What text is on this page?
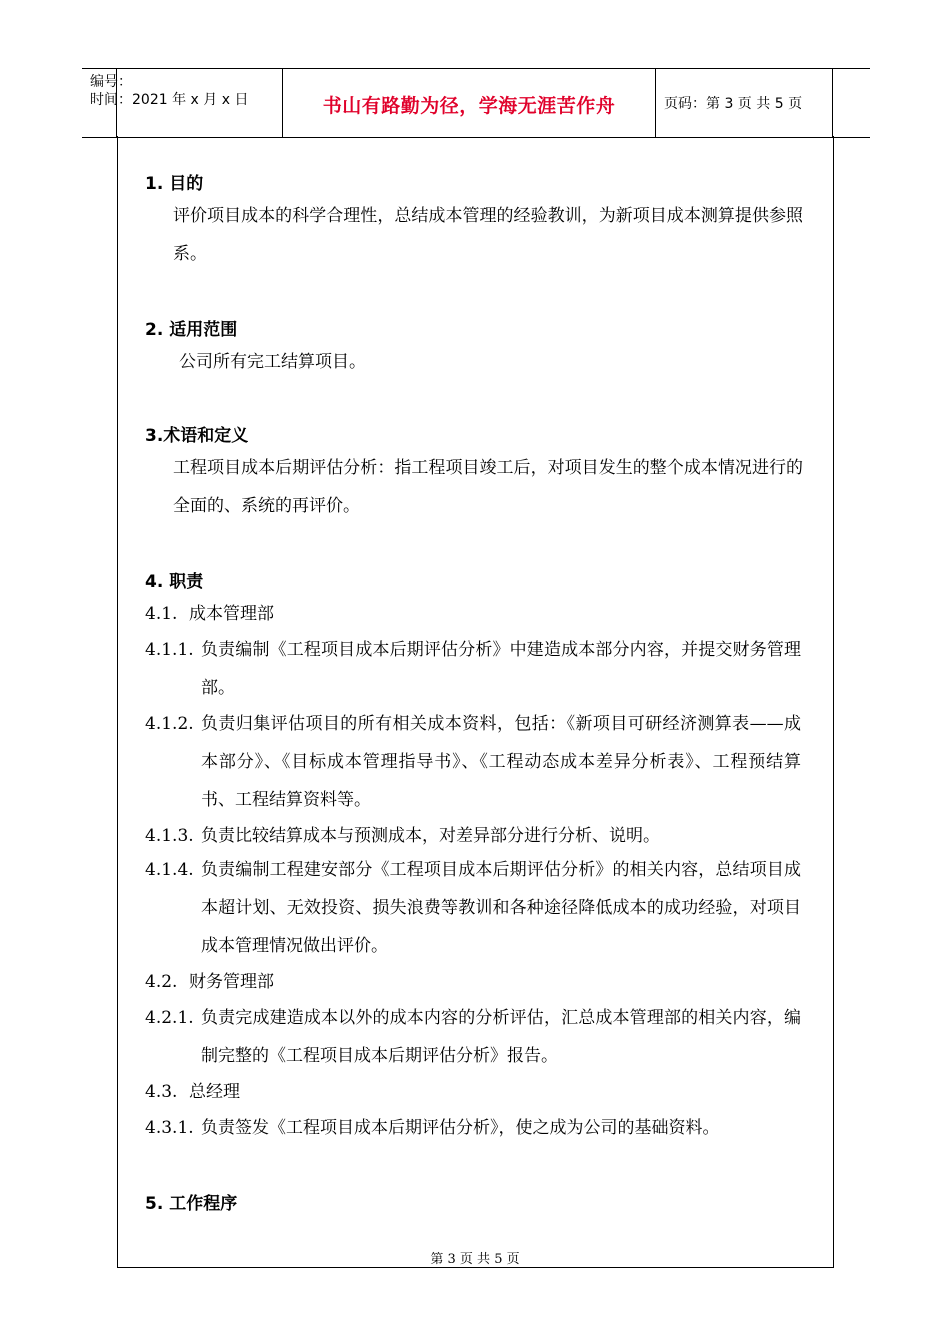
编号：
时间：2021 年 x 月 x 日	书山有路勤为径，学海无涯苦作舟	页码：第 3 页 共 5 页
1. 目的
评价项目成本的科学合理性，总结成本管理的经验教训，为新项目成本测算提供参照系。
2. 适用范围
公司所有完工结算项目。
3.术语和定义
工程项目成本后期评估分析：指工程项目竣工后，对项目发生的整个成本情况进行的全面的、系统的再评价。
4. 职责
4.1. 成本管理部
4.1.1. 负责编制《工程项目成本后期评估分析》中建造成本部分内容，并提交财务管理部。
4.1.2. 负责归集评估项目的所有相关成本资料，包括：《新项目可研经济测算表——成本部分》、《目标成本管理指导书》、《工程动态成本差异分析表》、工程预结算书、工程结算资料等。
4.1.3. 负责比较结算成本与预测成本，对差异部分进行分析、说明。
4.1.4. 负责编制工程建安部分《工程项目成本后期评估分析》的相关内容，总结项目成本超计划、无效投资、损失浪费等教训和各种途径降低成本的成功经验，对项目成本管理情况做出评价。
4.2. 财务管理部
4.2.1. 负责完成建造成本以外的成本内容的分析评估，汇总成本管理部的相关内容，编制完整的《工程项目成本后期评估分析》报告。
4.3. 总经理
4.3.1. 负责签发《工程项目成本后期评估分析》，使之成为公司的基础资料。
5. 工作程序
第 3 页 共 5 页
